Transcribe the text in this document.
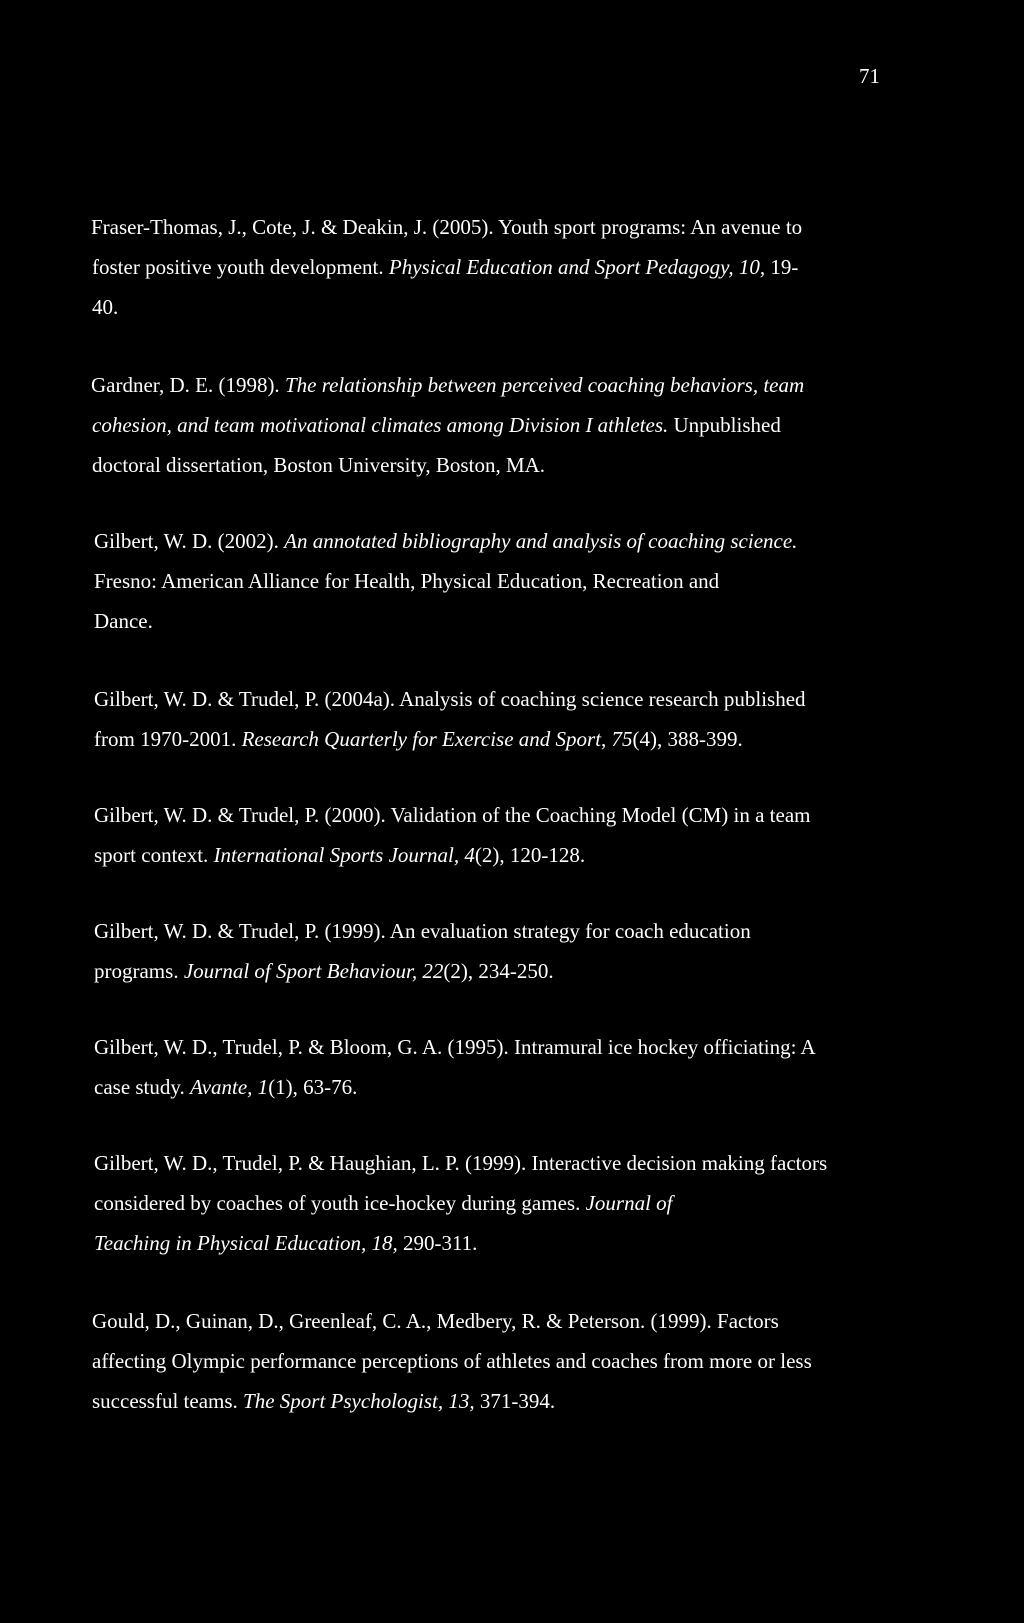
71
Fraser-Thomas, J., Cote, J. & Deakin, J. (2005). Youth sport programs: An avenue to
foster positive youth development. Physical Education and Sport Pedagogy, 10, 19-
40.
Gardner, D. E. (1998). The relationship between perceived coaching behaviors, team
cohesion, and team motivational climates among Division I athletes. Unpublished
doctoral dissertation, Boston University, Boston, MA.
Gilbert, W. D. (2002). An annotated bibliography and analysis of coaching science.
Fresno: American Alliance for Health, Physical Education, Recreation and
Dance.
Gilbert, W. D. & Trudel, P. (2004a). Analysis of coaching science research published
from 1970-2001. Research Quarterly for Exercise and Sport, 75(4), 388-399.
Gilbert, W. D. & Trudel, P. (2000). Validation of the Coaching Model (CM) in a team
sport context. International Sports Journal, 4(2), 120-128.
Gilbert, W. D. & Trudel, P. (1999). An evaluation strategy for coach education
programs. Journal of Sport Behaviour, 22(2), 234-250.
Gilbert, W. D., Trudel, P. & Bloom, G. A. (1995). Intramural ice hockey officiating: A
case study. Avante, 1(1), 63-76.
Gilbert, W. D., Trudel, P. & Haughian, L. P. (1999). Interactive decision making factors
considered by coaches of youth ice-hockey during games. Journal of
Teaching in Physical Education, 18, 290-311.
Gould, D., Guinan, D., Greenleaf, C. A., Medbery, R. & Peterson. (1999). Factors
affecting Olympic performance perceptions of athletes and coaches from more or less
successful teams. The Sport Psychologist, 13, 371-394.
